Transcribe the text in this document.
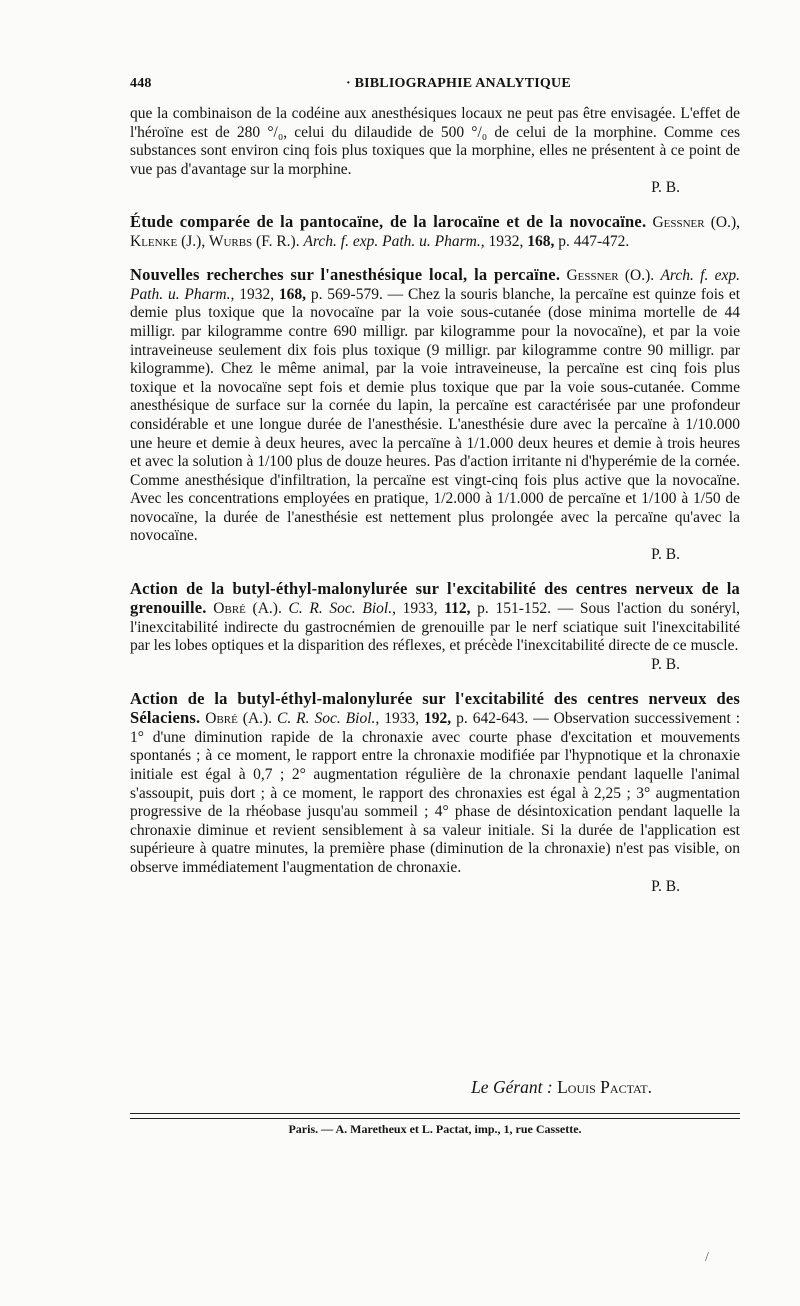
448	· BIBLIOGRAPHIE ANALYTIQUE

que la combinaison de la codéine aux anesthésiques locaux ne peut pas être envisagée. L'effet de l'héroïne est de 280 °/₀, celui du dilaudide de 500 °/₀ de celui de la morphine. Comme ces substances sont environ cinq fois plus toxiques que la morphine, elles ne présentent à ce point de vue pas d'avantage sur la morphine.

P. B.

Étude comparée de la pantocaïne, de la larocaïne et de la novocaïne. Gessner (O.), Klenke (J.), Wurbs (F. R.). Arch. f. exp. Path. u. Pharm., 1932, 168, p. 447-472.

Nouvelles recherches sur l'anesthésique local, la percaïne. Gessner (O.). Arch. f. exp. Path. u. Pharm., 1932, 168, p. 569-579. — Chez la souris blanche, la percaïne est quinze fois et demie plus toxique que la novocaïne par la voie sous-cutanée (dose minima mortelle de 44 milligr. par kilogramme contre 690 milligr. par kilogramme pour la novocaïne), et par la voie intraveineuse seulement dix fois plus toxique (9 milligr. par kilogramme contre 90 milligr. par kilogramme). Chez le même animal, par la voie intraveineuse, la percaïne est cinq fois plus toxique et la novocaïne sept fois et demie plus toxique que par la voie sous-cutanée. Comme anesthésique de surface sur la cornée du lapin, la percaïne est caractérisée par une profondeur considérable et une longue durée de l'anesthésie. L'anesthésie dure avec la percaïne à 1/10.000 une heure et demie à deux heures, avec la percaïne à 1/1.000 deux heures et demie à trois heures et avec la solution à 1/100 plus de douze heures. Pas d'action irritante ni d'hyperémie de la cornée. Comme anesthésique d'infiltration, la percaïne est vingt-cinq fois plus active que la novocaïne. Avec les concentrations employées en pratique, 1/2.000 à 1/1.000 de percaïne et 1/100 à 1/50 de novocaïne, la durée de l'anesthésie est nettement plus prolongée avec la percaïne qu'avec la novocaïne.

P. B.

Action de la butyl-éthyl-malonylurée sur l'excitabilité des centres nerveux de la grenouille. Obré (A.). C. R. Soc. Biol., 1933, 112, p. 151-152. — Sous l'action du sonéryl, l'inexcitabilité indirecte du gastrocnémien de grenouille par le nerf sciatique suit l'inexcitabilité par les lobes optiques et la disparition des réflexes, et précède l'inexcitabilité directe de ce muscle.

P. B.

Action de la butyl-éthyl-malonylurée sur l'excitabilité des centres nerveux des Sélaciens. Obré (A.). C. R. Soc. Biol., 1933, 192, p. 642-643. — Observation successivement : 1° d'une diminution rapide de la chronaxie avec courte phase d'excitation et mouvements spontanés ; à ce moment, le rapport entre la chronaxie modifiée par l'hypnotique et la chronaxie initiale est égal à 0,7 ; 2° augmentation régulière de la chronaxie pendant laquelle l'animal s'assoupit, puis dort ; à ce moment, le rapport des chronaxies est égal à 2,25 ; 3° augmentation progressive de la rhéobase jusqu'au sommeil ; 4° phase de désintoxication pendant laquelle la chronaxie diminue et revient sensiblement à sa valeur initiale. Si la durée de l'application est supérieure à quatre minutes, la première phase (diminution de la chronaxie) n'est pas visible, on observe immédiatement l'augmentation de chronaxie.

P. B.
Le Gérant : Louis Pactat.
Paris. — A. Maretheux et L. Pactat, imp., 1, rue Cassette.
/
